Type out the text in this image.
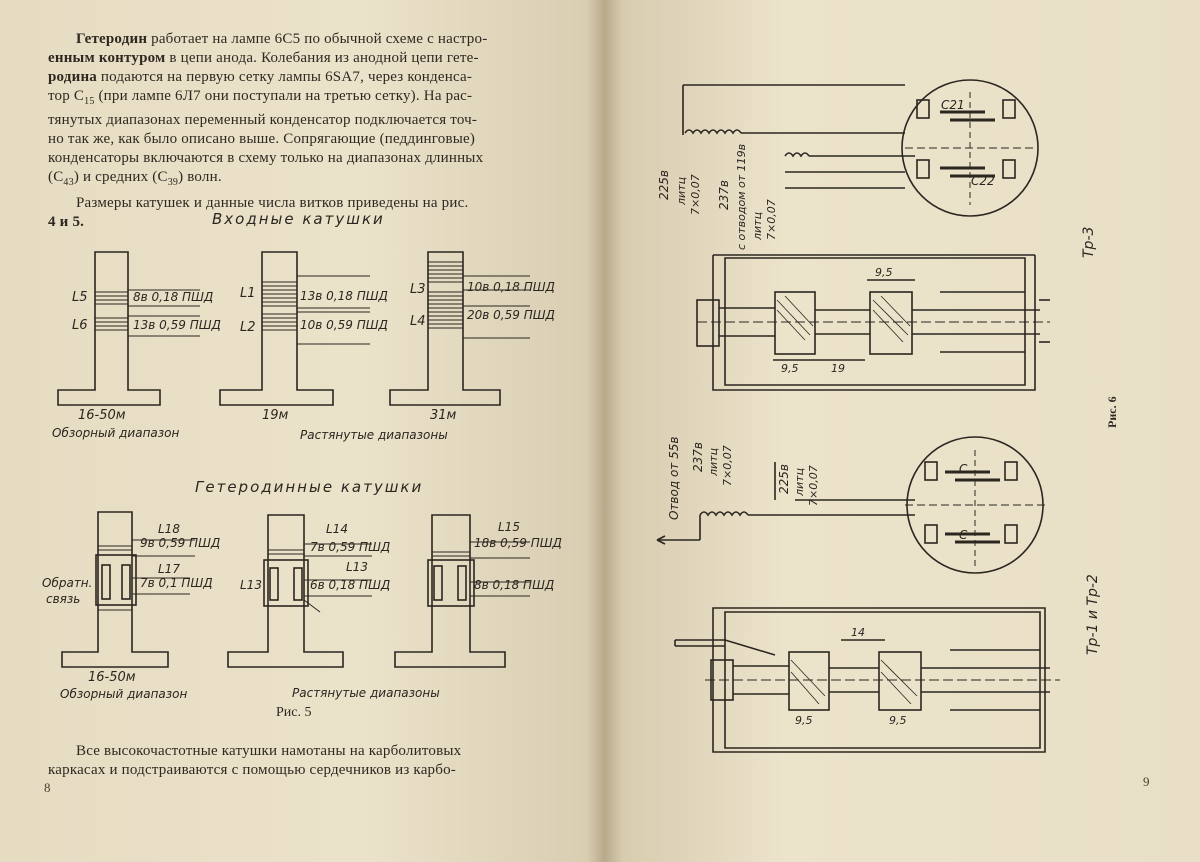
Гетеродин работает на лампе 6С5 по обычной схеме с настро-
енным контуром в цепи анода. Колебания из анодной цепи гете-
родина подаются на первую сетку лампы 6SA7, через конденса-
тор $C_{15}$ (при лампе 6Л7 они поступали на третью сетку). На рас-
тянутых диапазонах переменный конденсатор подключается точ-
но так же, как было описано выше. Сопрягающие (педдинговые)
конденсаторы включаются в схему только на диапазонах длинных
$(C_{43})$ и средних $(C_{39})$ волн.
Размеры катушек и данные числа витков приведены на рис.
4 и 5.	Входные катушки
L5
L6
8в 0,18 ПШД
13в 0,59 ПШД
16-50м
Обзорный диапазон
L1
L2
13в 0,18 ПШД
10в 0,59 ПШД
19м
Растянутые диапазоны
L3
L4
10в 0,18 ПШД
20в 0,59 ПШД
31м
Гетеродинные катушки
L18
9в 0,59 ПШД
L17
7в 0,1 ПШД
Обратн.
связь
16-50м
Обзорный диапазон
L14
7в 0,59 ПШД
L13
6в 0,18 ПШД
L13
Растянутые диапазоны
L15
18в 0,59 ПШД
8в 0,18 ПШД
Рис. 5
Все высокочастотные катушки намотаны на карболитовых
каркасах и подстраиваются с помощью сердечников из карбо-
8
C21
C22
225в литц 7×0,07 237в с отводом от 119в литц 7×0,07
9,5
9,5	19
Тр-3
C
C
Отвод от 55в 237в литц 7×0,07	225в литц 7×0,07
14
9,5	9,5
Тр-1 и Тр-2
Рис. 6
9
